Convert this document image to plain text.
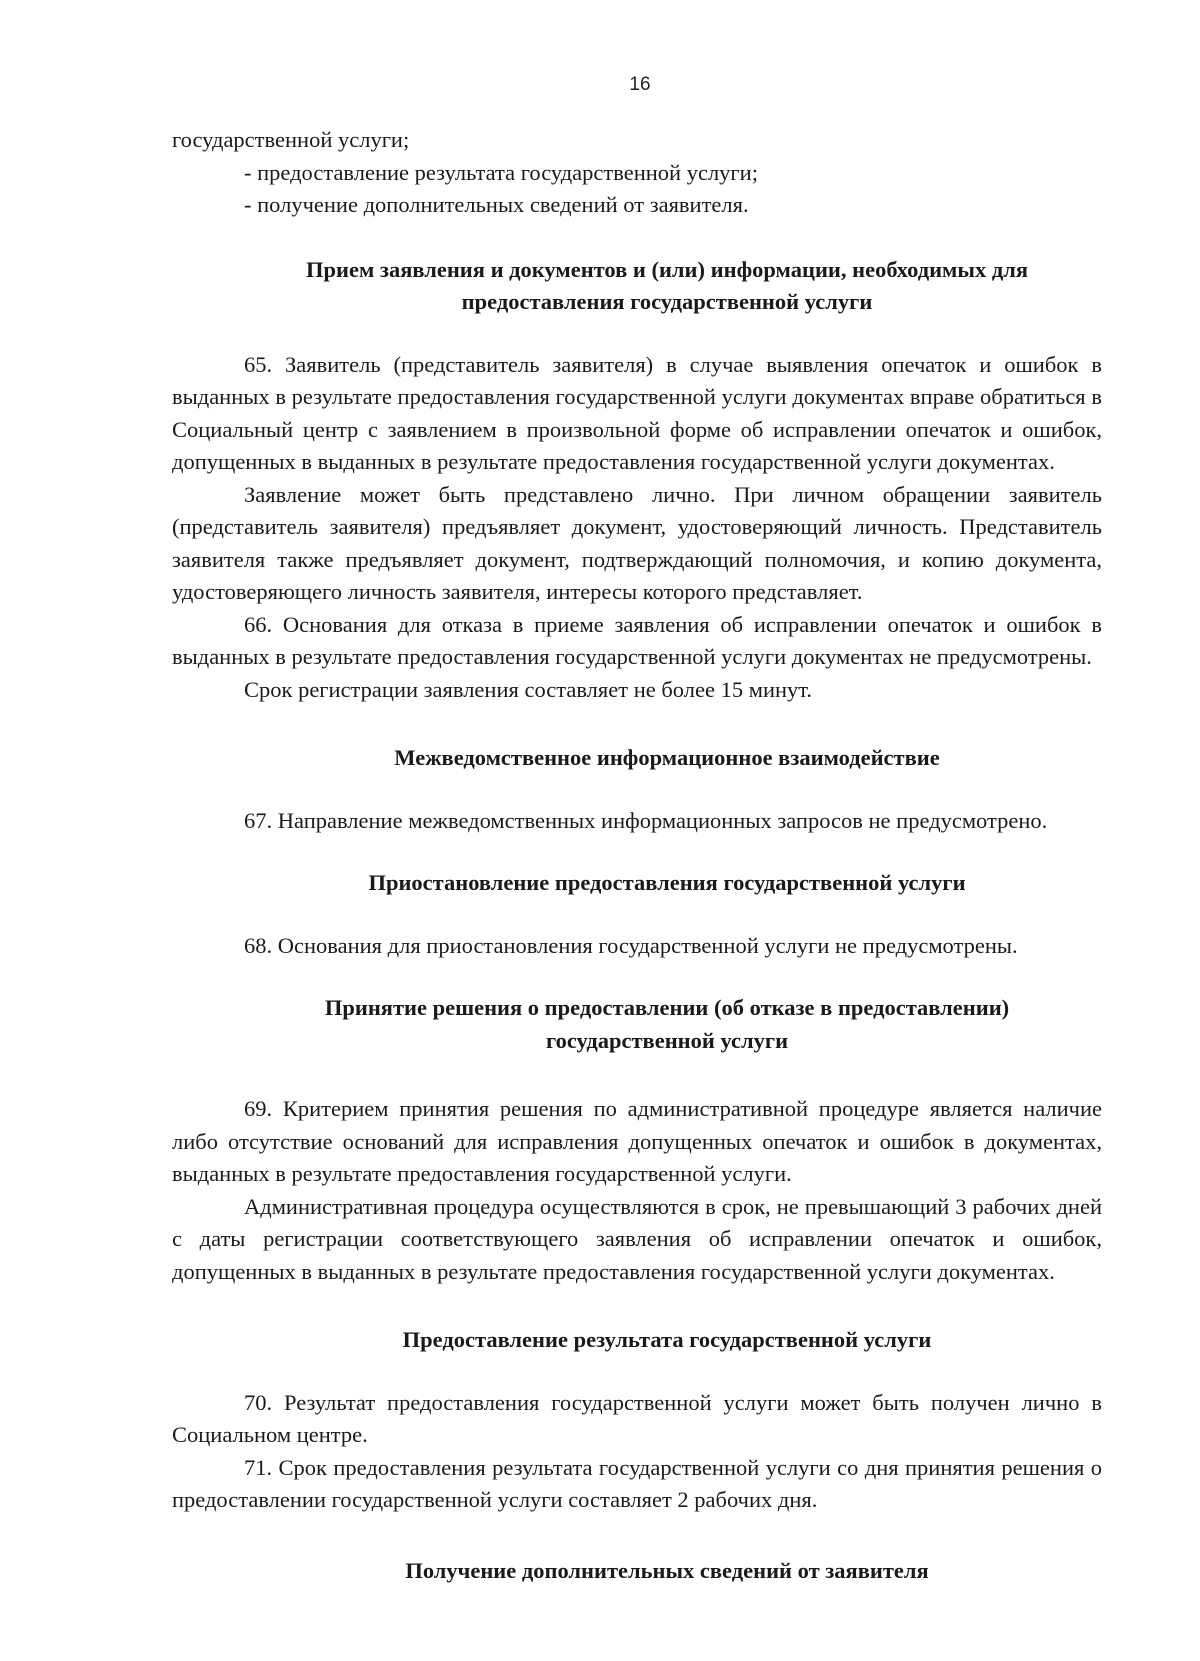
16

государственной услуги;

- предоставление результата государственной услуги;

- получение дополнительных сведений от заявителя.

Прием заявления и документов и (или) информации, необходимых для

предоставления государственной услуги

65. Заявитель (представитель заявителя) в случае выявления опечаток и ошибок в выданных в результате предоставления государственной услуги документах вправе обратиться в Социальный центр с заявлением в произвольной форме об исправлении опечаток и ошибок, допущенных в выданных в результате предоставления государственной услуги документах.

Заявление может быть представлено лично. При личном обращении заявитель (представитель заявителя) предъявляет документ, удостоверяющий личность. Представитель заявителя также предъявляет документ, подтверждающий полномочия, и копию документа, удостоверяющего личность заявителя, интересы которого представляет.

66. Основания для отказа в приеме заявления об исправлении опечаток и ошибок в выданных в результате предоставления государственной услуги документах не предусмотрены.

Срок регистрации заявления составляет не более 15 минут.

Межведомственное информационное взаимодействие

67. Направление межведомственных информационных запросов не предусмотрено.

Приостановление предоставления государственной услуги

68. Основания для приостановления государственной услуги не предусмотрены.

Принятие решения о предоставлении (об отказе в предоставлении)

государственной услуги

69. Критерием принятия решения по административной процедуре является наличие либо отсутствие оснований для исправления допущенных опечаток и ошибок в документах, выданных в результате предоставления государственной услуги.

Административная процедура осуществляются в срок, не превышающий 3 рабочих дней с даты регистрации соответствующего заявления об исправлении опечаток и ошибок, допущенных в выданных в результате предоставления государственной услуги документах.

Предоставление результата государственной услуги

70. Результат предоставления государственной услуги может быть получен лично в Социальном центре.

71. Срок предоставления результата государственной услуги со дня принятия решения о предоставлении государственной услуги составляет 2 рабочих дня.

Получение дополнительных сведений от заявителя
